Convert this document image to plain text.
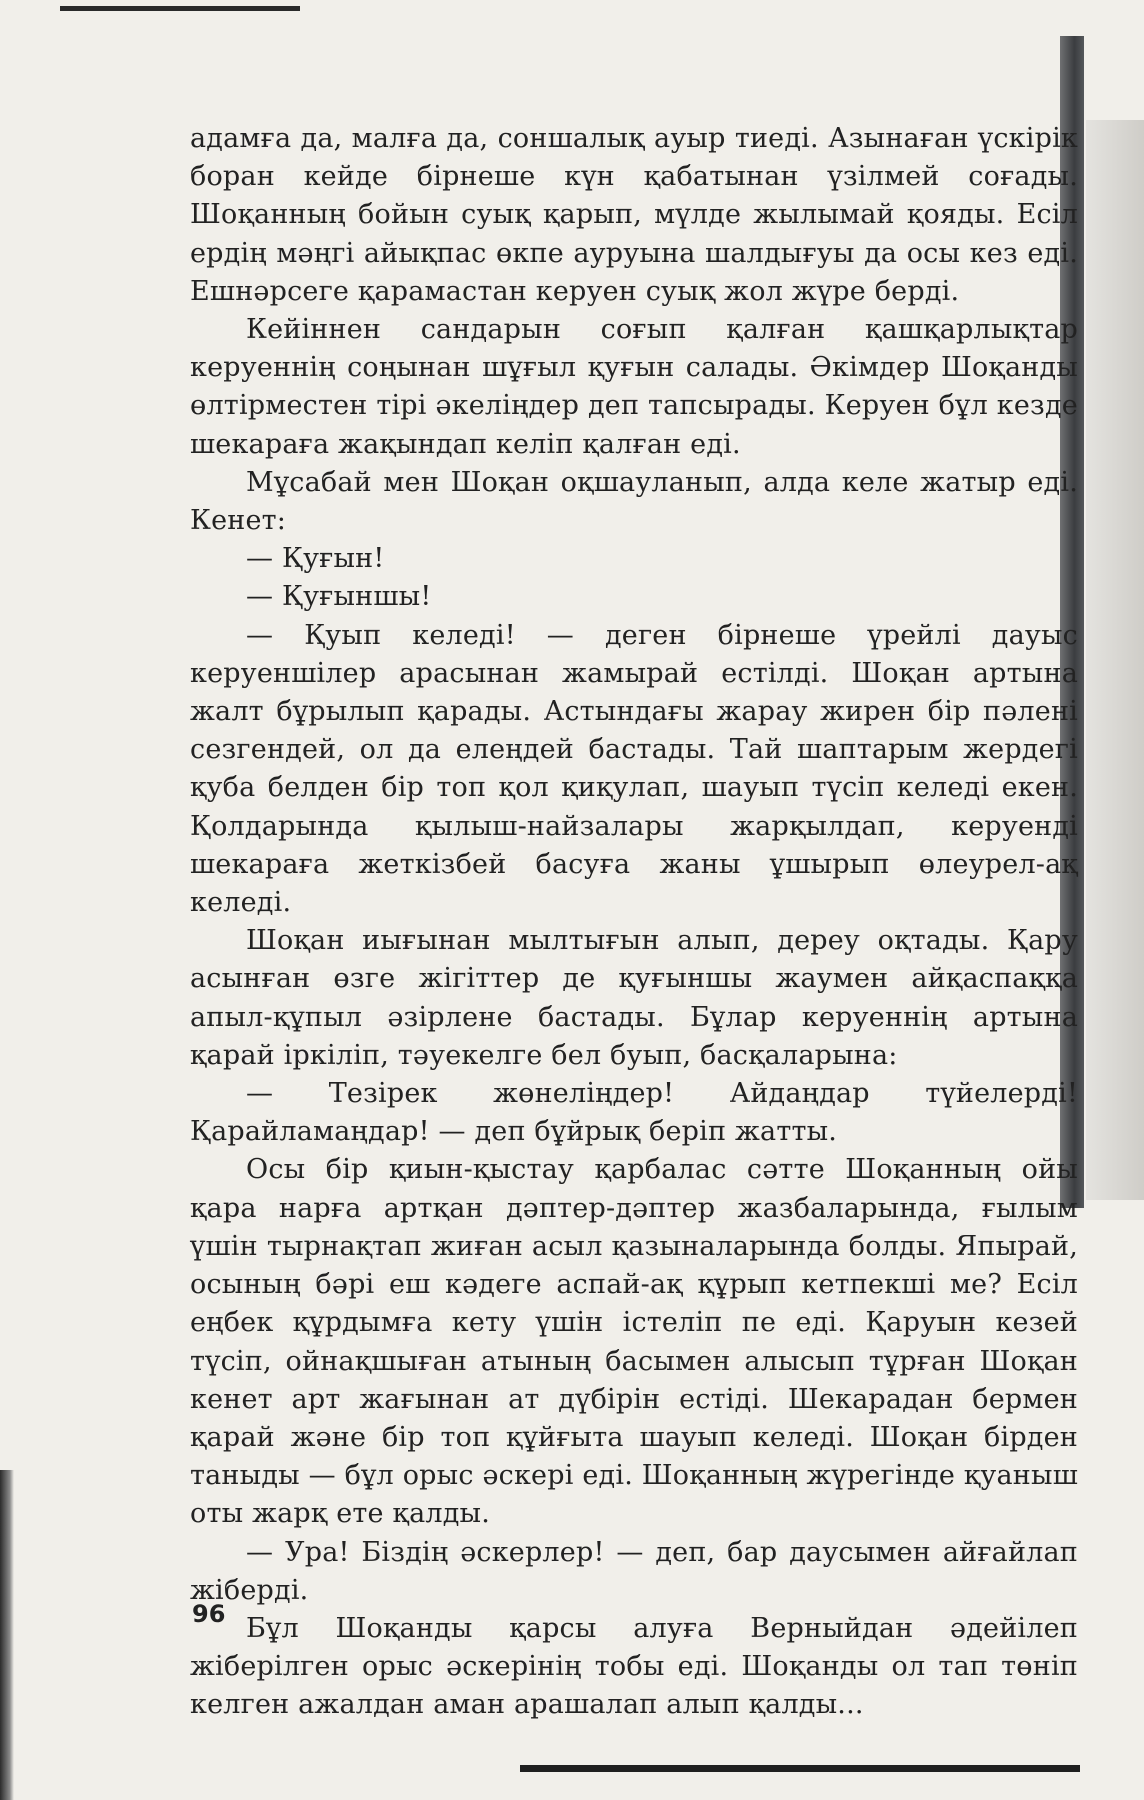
адамға да, малға да, соншалық ауыр тиеді. Азынаған үскірік боран кейде бірнеше күн қабатынан үзілмей соғады. Шоқанның бойын суық қарып, мүлде жылымай қояды. Есіл ердің мәңгі айықпас өкпе ауруына шалдығуы да осы кез еді. Ешнәрсеге қарамастан керуен суық жол жүре берді.

Кейіннен сандарын соғып қалған қашқарлықтар керуеннің соңынан шұғыл қуғын салады. Әкімдер Шоқанды өлтірместен тірі әкеліңдер деп тапсырады. Керуен бұл кезде шекараға жақындап келіп қалған еді.

Мұсабай мен Шоқан оқшауланып, алда келе жатыр еді. Кенет:

— Қуғын!

— Қуғыншы!

— Қуып келеді! — деген бірнеше үрейлі дауыс керуеншілер арасынан жамырай естілді. Шоқан артына жалт бұрылып қарады. Астындағы жарау жирен бір пәлені сезгендей, ол да елеңдей бастады. Тай шаптарым жердегі қуба белден бір топ қол қиқулап, шауып түсіп келеді екен. Қолдарында қылыш-найзалары жарқылдап, керуенді шекараға жеткізбей басуға жаны ұшырып өлеурел-ақ келеді.

Шоқан иығынан мылтығын алып, дереу оқтады. Қару асынған өзге жігіттер де қуғыншы жаумен айқаспаққа апыл-құпыл әзірлене бастады. Бұлар керуеннің артына қарай іркіліп, тәуекелге бел буып, басқаларына:

— Тезірек жөнеліңдер! Айдаңдар түйелерді! Қарайламаңдар! — деп бұйрық беріп жатты.

Осы бір қиын-қыстау қарбалас сәтте Шоқанның ойы қара нарға артқан дәптер-дәптер жазбаларында, ғылым үшін тырнақтап жиған асыл қазыналарында болды. Япырай, осының бәрі еш кәдеге аспай-ақ құрып кетпекші ме? Есіл еңбек құрдымға кету үшін істеліп пе еді. Қаруын кезей түсіп, ойнақшыған атының басымен алысып тұрған Шоқан кенет арт жағынан ат дүбірін естіді. Шекарадан бермен қарай және бір топ құйғыта шауып келеді. Шоқан бірден таныды — бұл орыс әскері еді. Шоқанның жүрегінде қуаныш оты жарқ ете қалды.

— Ура! Біздің әскерлер! — деп, бар даусымен айғайлап жіберді.

Бұл Шоқанды қарсы алуға Верныйдан әдейілеп жіберілген орыс әскерінің тобы еді. Шоқанды ол тап төніп келген ажалдан аман арашалап алып қалды...

96
